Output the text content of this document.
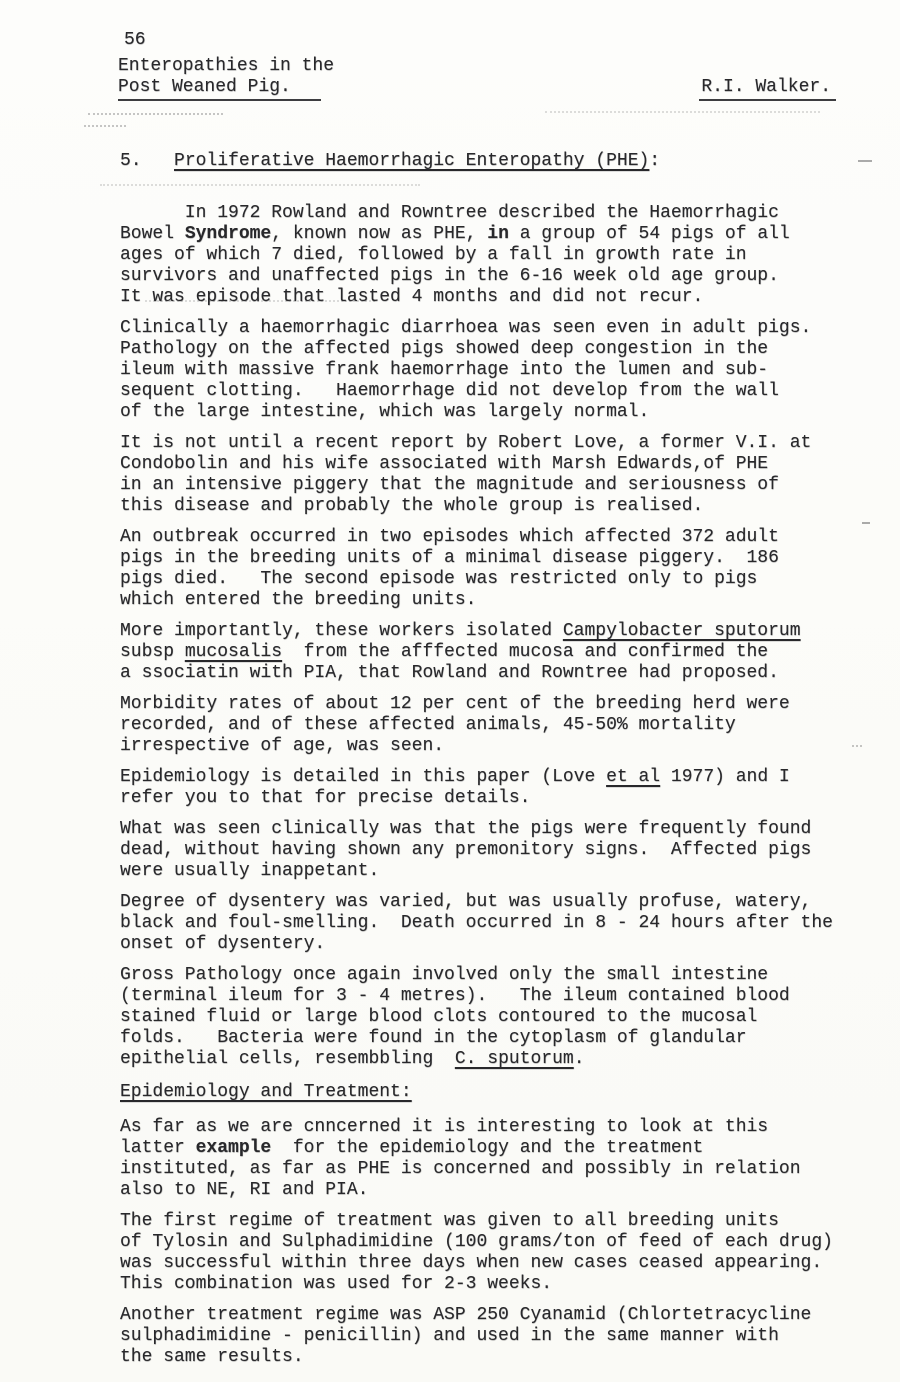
56
Enteropathies in the
Post Weaned Pig.	R.I. Walker.
5.   Proliferative Haemorrhagic Enteropathy (PHE):
In 1972 Rowland and Rowntree described the Haemorrhagic
Bowel Syndrome, known now as PHE, in a group of 54 pigs of all
ages of which 7 died, followed by a fall in growth rate in
survivors and unaffected pigs in the 6-16 week old age group.
It was episode that lasted 4 months and did not recur.
Clinically a haemorrhagic diarrhoea was seen even in adult pigs.
Pathology on the affected pigs showed deep congestion in the
ileum with massive frank haemorrhage into the lumen and sub-
sequent clotting.   Haemorrhage did not develop from the wall
of the large intestine, which was largely normal.
It is not until a recent report by Robert Love, a former V.I. at
Condobolin and his wife associated with Marsh Edwards,of PHE
in an intensive piggery that the magnitude and seriousness of
this disease and probably the whole group is realised.
An outbreak occurred in two episodes which affected 372 adult
pigs in the breeding units of a minimal disease piggery.  186
pigs died.   The second episode was restricted only to pigs
which entered the breeding units.
More importantly, these workers isolated Campylobacter sputorum
subsp mucosalis  from the afffected mucosa and confirmed the
a ssociatin with PIA, that Rowland and Rowntree had proposed.
Morbidity rates of about 12 per cent of the breeding herd were
recorded, and of these affected animals, 45-50% mortality
irrespective of age, was seen.
Epidemiology is detailed in this paper (Love et al 1977) and I
refer you to that for precise details.
What was seen clinically was that the pigs were frequently found
dead, without having shown any premonitory signs.  Affected pigs
were usually inappetant.
Degree of dysentery was varied, but was usually profuse, watery,
black and foul-smelling.  Death occurred in 8 - 24 hours after the
onset of dysentery.
Gross Pathology once again involved only the small intestine
(terminal ileum for 3 - 4 metres).   The ileum contained blood
stained fluid or large blood clots contoured to the mucosal
folds.   Bacteria were found in the cytoplasm of glandular
epithelial cells, resembbling  C. sputorum.
Epidemiology and Treatment:
As far as we are cnncerned it is interesting to look at this
latter example  for the epidemiology and the treatment
instituted, as far as PHE is concerned and possibly in relation
also to NE, RI and PIA.
The first regime of treatment was given to all breeding units
of Tylosin and Sulphadimidine (100 grams/ton of feed of each drug)
was successful within three days when new cases ceased appearing.
This combination was used for 2-3 weeks.
Another treatment regime was ASP 250 Cyanamid (Chlortetracycline
sulphadimidine - penicillin) and used in the same manner with
the same results.
